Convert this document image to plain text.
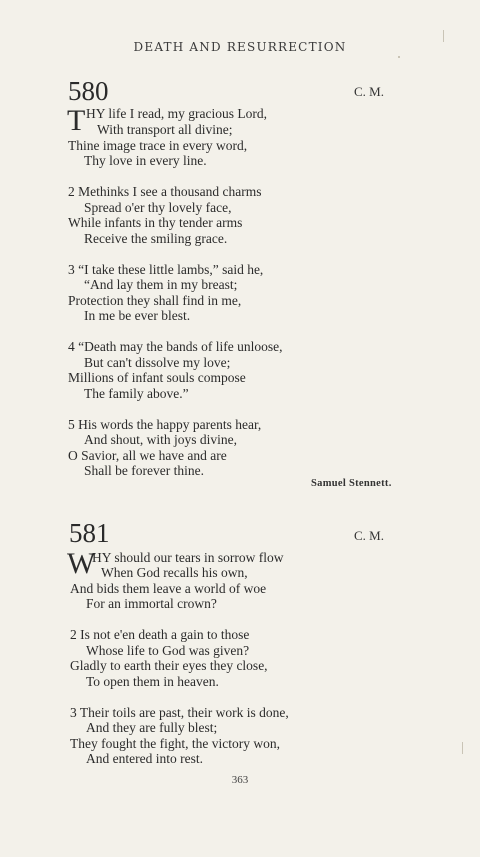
DEATH AND RESURRECTION
580	C. M.
T HY life I read, my gracious Lord,
With transport all divine;
Thine image trace in every word,
Thy love in every line.
2 Methinks I see a thousand charms
Spread o'er thy lovely face,
While infants in thy tender arms
Receive the smiling grace.
3 “I take these little lambs,” said he,
“And lay them in my breast;
Protection they shall find in me,
In me be ever blest.
4 “Death may the bands of life unloose,
But can't dissolve my love;
Millions of infant souls compose
The family above.”
5 His words the happy parents hear,
And shout, with joys divine,
O Savior, all we have and are
Shall be forever thine.
Samuel Stennett.
581	C. M.
W
HY should our tears in sorrow flow
When God recalls his own,
And bids them leave a world of woe
For an immortal crown?
2 Is not e'en death a gain to those
Whose life to God was given?
Gladly to earth their eyes they close,
To open them in heaven.
3 Their toils are past, their work is done,
And they are fully blest;
They fought the fight, the victory won,
And entered into rest.
363
